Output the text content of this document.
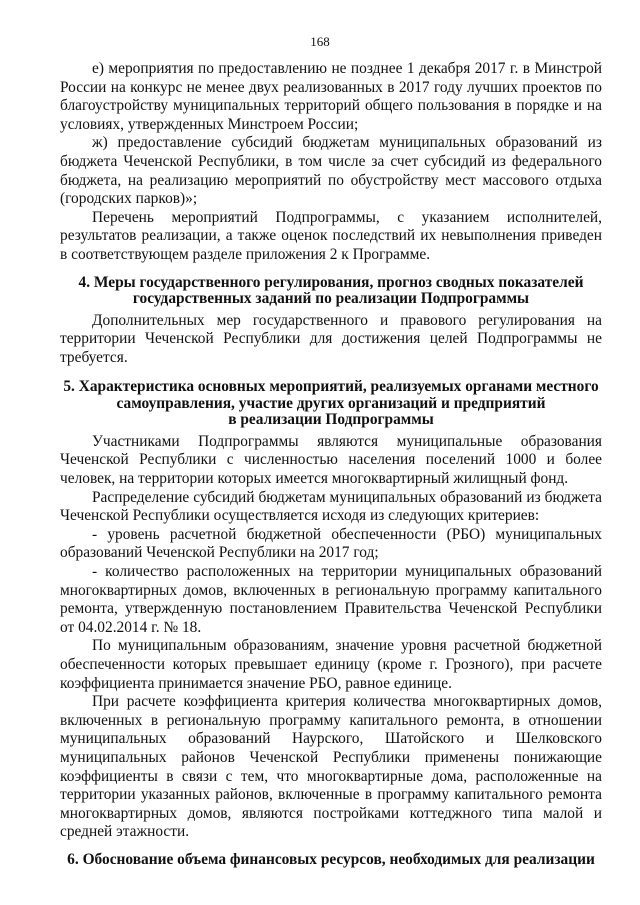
168

е) мероприятия по предоставлению не позднее 1 декабря 2017 г. в Минстрой России на конкурс не менее двух реализованных в 2017 году лучших проектов по благоустройству муниципальных территорий общего пользования в порядке и на условиях, утвержденных Минстроем России;

ж) предоставление субсидий бюджетам муниципальных образований из бюджета Чеченской Республики, в том числе за счет субсидий из федерального бюджета, на реализацию мероприятий по обустройству мест массового отдыха (городских парков)»;

Перечень мероприятий Подпрограммы, с указанием исполнителей, результатов реализации, а также оценок последствий их невыполнения приведен в соответствующем разделе приложения 2 к Программе.

4. Меры государственного регулирования, прогноз сводных показателей
государственных заданий по реализации Подпрограммы

Дополнительных мер государственного и правового регулирования на территории Чеченской Республики для достижения целей Подпрограммы не требуется.

5. Характеристика основных мероприятий, реализуемых органами местного
самоуправления, участие других организаций и предприятий
в реализации Подпрограммы

Участниками Подпрограммы являются муниципальные образования Чеченской Республики с численностью населения поселений 1000 и более человек, на территории которых имеется многоквартирный жилищный фонд.

Распределение субсидий бюджетам муниципальных образований из бюджета Чеченской Республики осуществляется исходя из следующих критериев:

- уровень расчетной бюджетной обеспеченности (РБО) муниципальных образований Чеченской Республики на 2017 год;

- количество расположенных на территории муниципальных образований многоквартирных домов, включенных в региональную программу капитального ремонта, утвержденную постановлением Правительства Чеченской Республики от 04.02.2014 г. № 18.

По муниципальным образованиям, значение уровня расчетной бюджетной обеспеченности которых превышает единицу (кроме г. Грозного), при расчете коэффициента принимается значение РБО, равное единице.

При расчете коэффициента критерия количества многоквартирных домов, включенных в региональную программу капитального ремонта, в отношении муниципальных образований Наурского, Шатойского и Шелковского муниципальных районов Чеченской Республики применены понижающие коэффициенты в связи с тем, что многоквартирные дома, расположенные на территории указанных районов, включенные в программу капитального ремонта многоквартирных домов, являются постройками коттеджного типа малой и средней этажности.

6. Обоснование объема финансовых ресурсов, необходимых для реализации
